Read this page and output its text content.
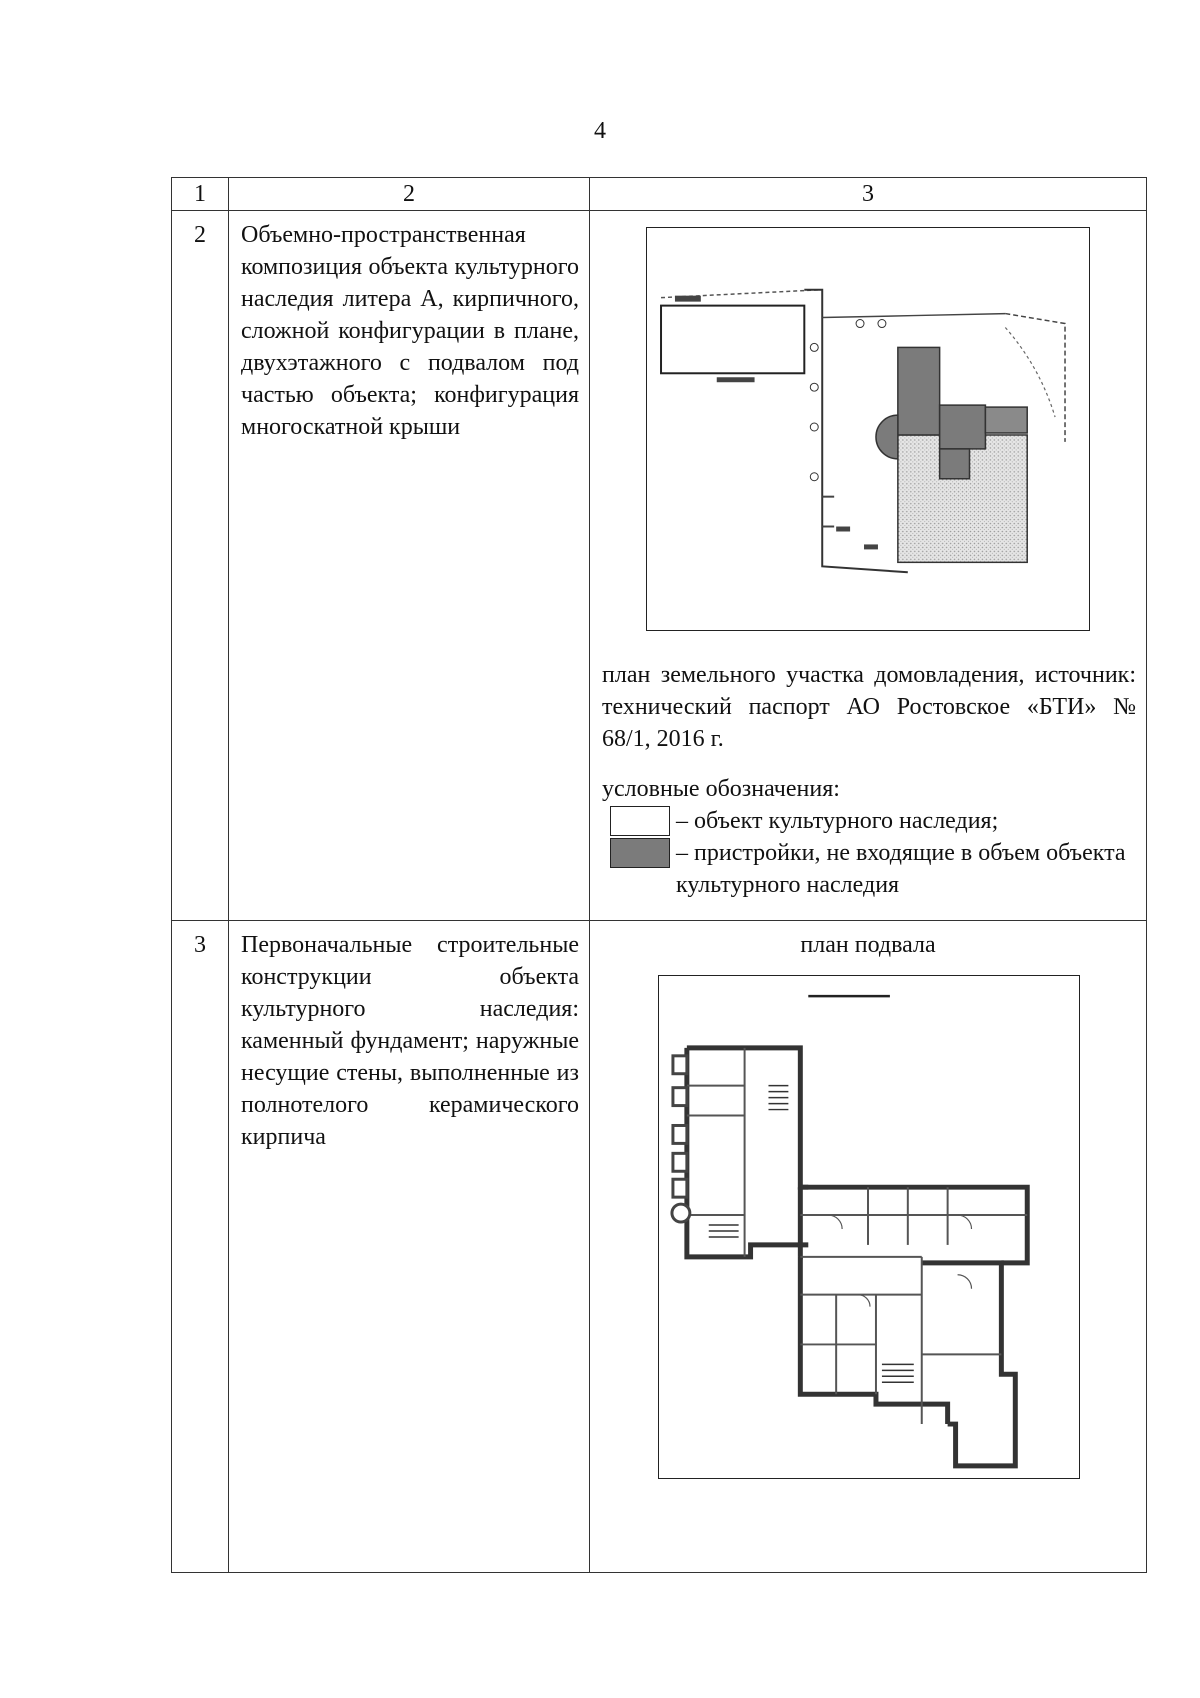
4
1	2	3

2	Объемно-пространственная композиция объекта культурного наследия литера А, кирпичного, сложной конфигурации в плане, двухэтажного с подвалом под частью объекта; конфигурация многоскатной крыши	план земельного участка домовладения, источник: технический паспорт АО Ростовское «БТИ» № 68/1, 2016 г.
условные обозначения:
– объект культурного наследия;
– пристройки, не входящие в объем объекта культурного наследия

3	Первоначальные строительные конструкции объекта культурного наследия: каменный фундамент; наружные несущие стены, выполненные из полнотелого керамического кирпича	план подвала
